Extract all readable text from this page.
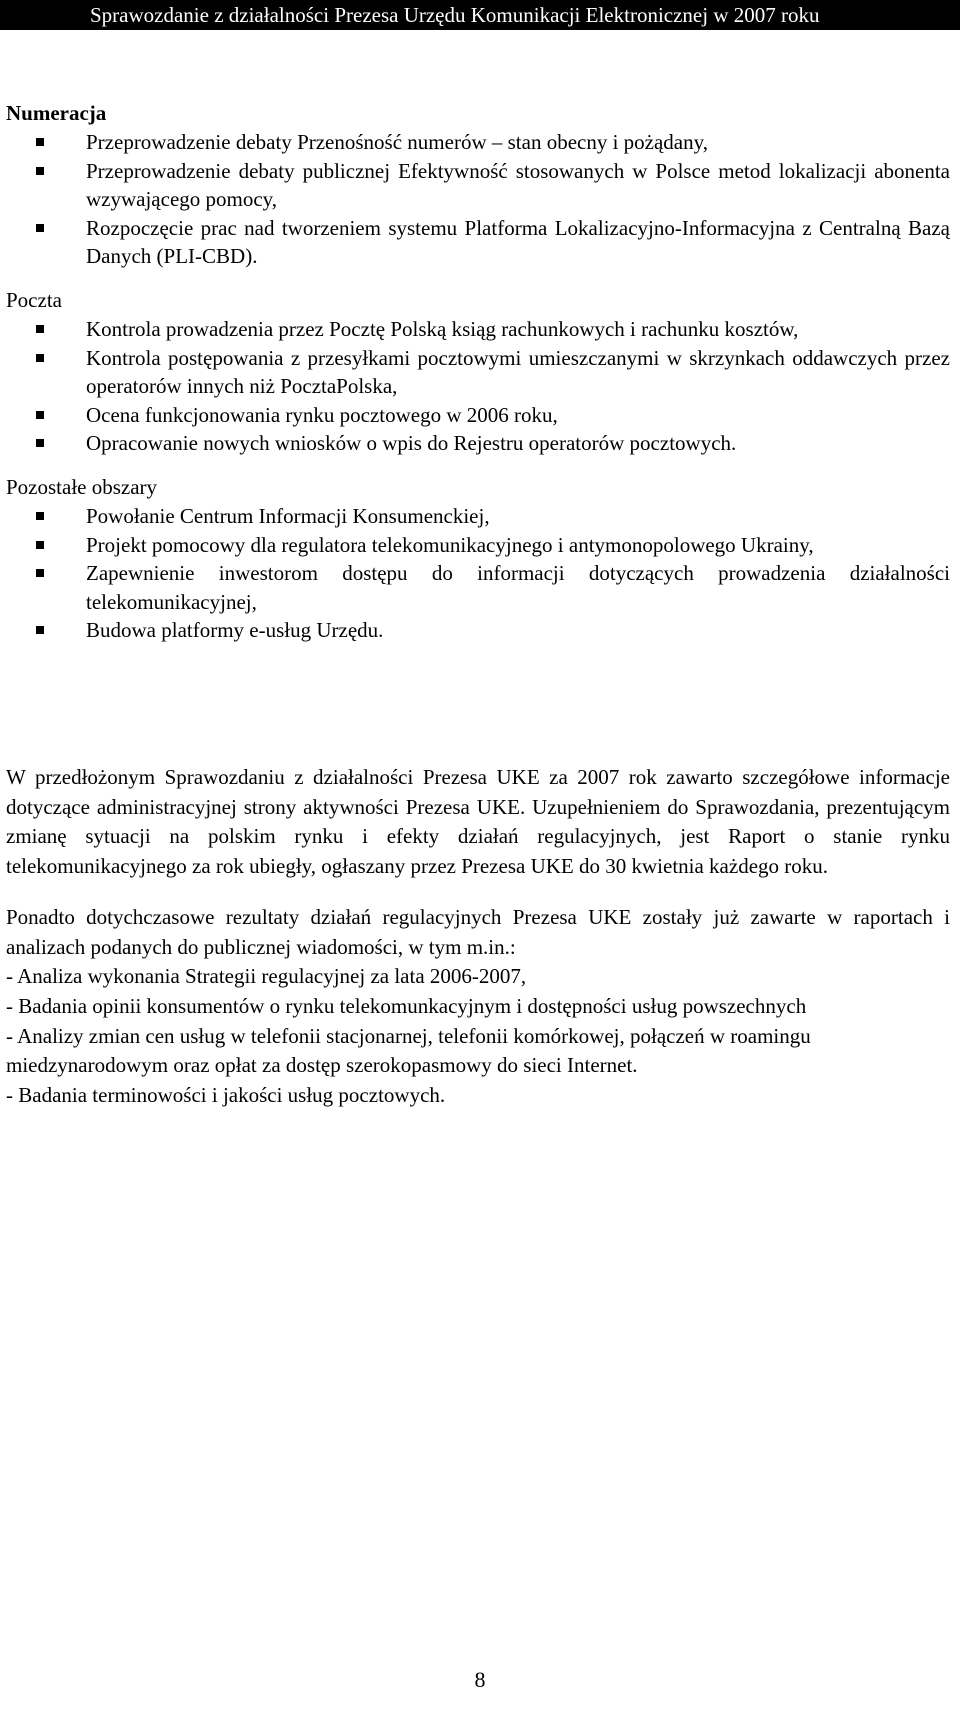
Sprawozdanie z działalności Prezesa Urzędu Komunikacji Elektronicznej w 2007 roku
Numeracja
Przeprowadzenie debaty Przenośność numerów – stan obecny i pożądany,
Przeprowadzenie debaty publicznej Efektywność stosowanych w Polsce metod lokalizacji abonenta wzywającego pomocy,
Rozpoczęcie prac nad tworzeniem systemu Platforma Lokalizacyjno-Informacyjna z Centralną Bazą Danych (PLI-CBD).
Poczta
Kontrola prowadzenia przez Pocztę Polską ksiąg rachunkowych i rachunku kosztów,
Kontrola postępowania z przesyłkami pocztowymi umieszczanymi w skrzynkach oddawczych przez operatorów innych niż PocztaPolska,
Ocena funkcjonowania rynku pocztowego w 2006 roku,
Opracowanie nowych wniosków o wpis do Rejestru operatorów pocztowych.
Pozostałe obszary
Powołanie Centrum Informacji Konsumenckiej,
Projekt pomocowy dla regulatora telekomunikacyjnego i antymonopolowego Ukrainy,
Zapewnienie inwestorom dostępu do informacji dotyczących prowadzenia działalności telekomunikacyjnej,
Budowa platformy e-usług Urzędu.

W przedłożonym Sprawozdaniu z działalności Prezesa UKE za 2007 rok zawarto szczegółowe informacje dotyczące administracyjnej strony aktywności Prezesa UKE. Uzupełnieniem do Sprawozdania, prezentującym zmianę sytuacji na polskim rynku i efekty działań regulacyjnych, jest Raport o stanie rynku telekomunikacyjnego za rok ubiegły, ogłaszany przez Prezesa UKE do 30 kwietnia każdego roku.

Ponadto dotychczasowe rezultaty działań regulacyjnych Prezesa UKE zostały już zawarte w raportach i analizach podanych do publicznej wiadomości, w tym m.in.:

- Analiza wykonania Strategii regulacyjnej za lata 2006-2007,
- Badania opinii konsumentów o rynku telekomunkacyjnym i dostępności usług powszechnych
- Analizy zmian cen usług w telefonii stacjonarnej, telefonii komórkowej, połączeń w roamingu miedzynarodowym oraz opłat za dostęp szerokopasmowy do sieci Internet.
- Badania terminowości i jakości usług pocztowych.
8
